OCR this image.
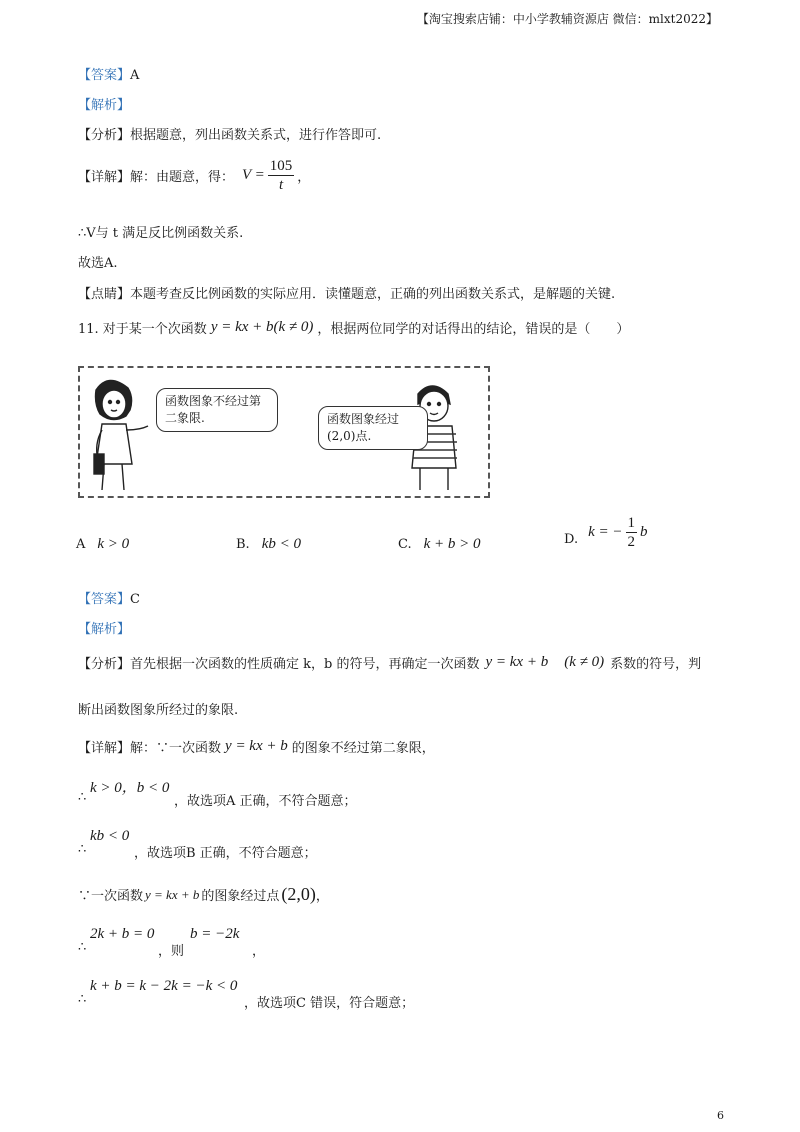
【淘宝搜索店铺：中小学教辅资源店 微信：mlxt2022】
【答案】A
【解析】
【分析】根据题意，列出函数关系式，进行作答即可.
【详解】 解：由题意，得： $V = \frac{105}{t}$ ，
∴V与 t 满足反比例函数关系.
故选A.
【点睛】本题考查反比例函数的实际应用．读懂题意，正确的列出函数关系式，是解题的关键.
11. 对于某一个次函数 y = kx + b(k ≠ 0) ，根据两位同学的对话得出的结论，错误的是（　　）
函数图象不经过第二象限.	函数图象经过(2,0)点.
A k > 0	B. kb < 0	C. k + b > 0	D. k = − $\frac{1}{2}$ b
【答案】C
【解析】
【分析】 首先根据一次函数的性质确定 k，b 的符号，再确定一次函数 y = kx + b (k ≠ 0) 系数的符号，判
断出函数图象所经过的象限.
【详解】 解：∵一次函数 y = kx + b 的图象不经过第二象限，
∴
k > 0，b < 0
，故选项A 正确，不符合题意；
∴
kb < 0
，故选项B 正确，不符合题意；
∵一次函数 y = kx + b 的图象经过点 (2,0) ，
∴
2k + b = 0
，则
b = −2k
，
∴
k + b = k − 2k = −k < 0
，故选项C 错误，符合题意；
6
